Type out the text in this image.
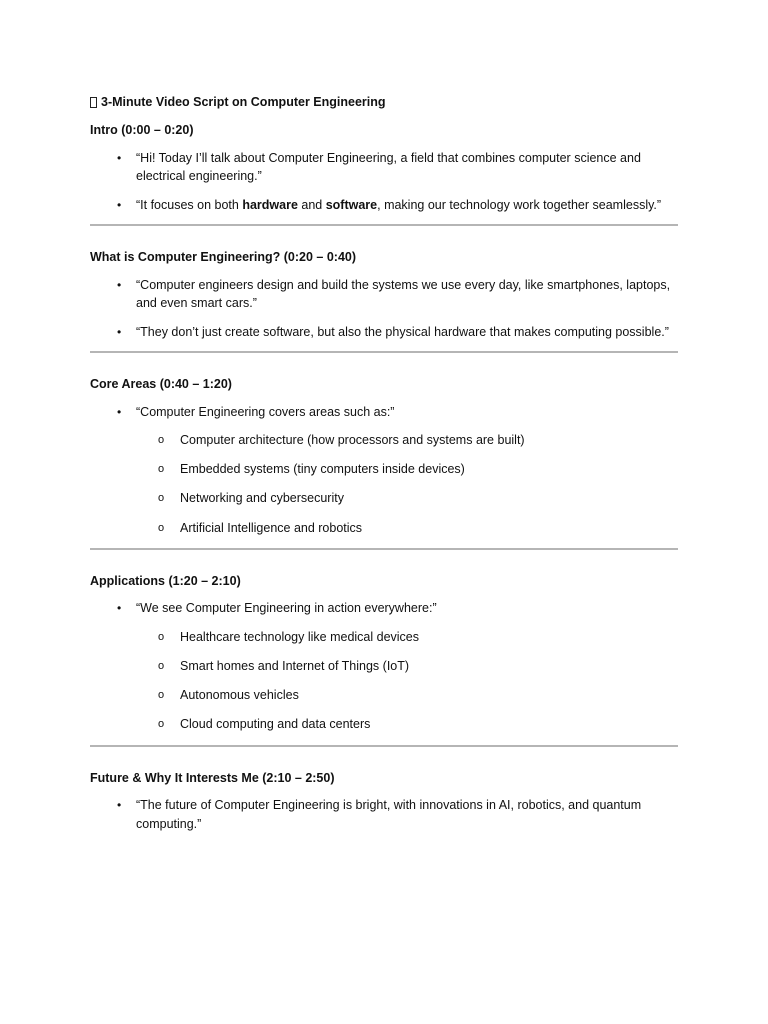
3-Minute Video Script on Computer Engineering
Intro (0:00 – 0:20)
• “Hi! Today I’ll talk about Computer Engineering, a field that combines computer science and electrical engineering.”
• “It focuses on both hardware and software, making our technology work together seamlessly.”
What is Computer Engineering? (0:20 – 0:40)
• “Computer engineers design and build the systems we use every day, like smartphones, laptops, and even smart cars.”
• “They don’t just create software, but also the physical hardware that makes computing possible.”
Core Areas (0:40 – 1:20)
• “Computer Engineering covers areas such as:”
o Computer architecture (how processors and systems are built)
o Embedded systems (tiny computers inside devices)
o Networking and cybersecurity
o Artificial Intelligence and robotics
Applications (1:20 – 2:10)
• “We see Computer Engineering in action everywhere:”
o Healthcare technology like medical devices
o Smart homes and Internet of Things (IoT)
o Autonomous vehicles
o Cloud computing and data centers
Future & Why It Interests Me (2:10 – 2:50)
• “The future of Computer Engineering is bright, with innovations in AI, robotics, and quantum computing.”
